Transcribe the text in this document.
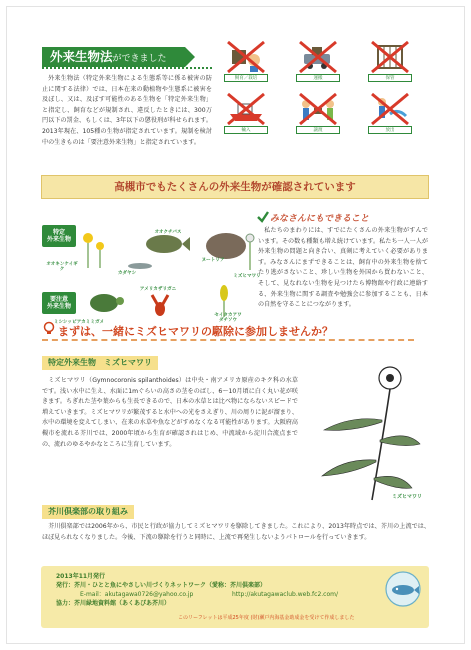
外来生物法ができました
外来生物法（特定外来生物による生態系等に係る被害の防止に関する法律）では、日本在来の動植物や生態系に被害を及ぼし、又は、及ぼす可能性のある生物を「特定外来生物」と指定し、飼育などが規制され、違反したときには、300万円以下の罰金、もしくは、3年以下の懲役刑が科せられます。2013年現在、105種の生物が指定されています。規制を検討中の生きものは「要注意外来生物」と指定されています。
飼育／栽培	運搬	保管
輸入	譲渡	放出
高槻市でもたくさんの外来生物が確認されています
特定
外来生物
オオキンケイギク
オオクチバス
カダヤシ
ヌートリア
ミズヒマワリ
要注意
外来生物
ミシシッピアカミミガメ
アメリカザリガニ
セイタカアワダチソウ
みなさんにもできること
私たちのまわりには、すでにたくさんの外来生物がすんでいます。その数も種類も増え続けています。私たち一人一人が外来生物の問題と向き合い、真剣に考えていく必要があります。みなさんにまずできることは、飼育中の外来生物を捨てたり逃がさないこと、珍しい生物を外国から買わないこと、そして、見なれない生物を見つけたら博物館や行政に連絡する、外来生物に関する調査や勉強会に参加することも、日本の自然を守ることにつながります。
まずは、一緒にミズヒマワリの駆除に参加しませんか？
特定外来生物　ミズヒマワリ
ミズヒマワリ（Gymnocoronis spilanthoides）は中央・南アメリカ原産のキク科の水草です。浅い水中に生え、水面に1mぐらいの高さの茎をのばし、6〜10月頃に白く丸い花が咲きます。ちぎれた茎や葉からも生長できるので、日本の水草とは比べ物にならないスピードで増えていきます。ミズヒマワリが繁茂すると水中への光をさえぎり、川の周りに泥が溜まり、水中の環境を変えてしまい、在来の水草や魚などがすめなくなる可能性があります。大阪府高槻市を流れる芥川では、2000年頃から生育が確認されはじめ、中流域から淀川合流点までの、流れのゆるやかなところに生育しています。
ミズヒマワリ
芥川倶楽部の取り組み
芥川倶楽部では2006年から、市民と行政が協力してミズヒマワリを駆除してきました。これにより、2013年時点では、芥川の上流では、ほぼ見られなくなりました。今後、下流の駆除を行うと同時に、上流で再発生しないようパトロールを行っていきます。
2013年11月発行
発行：芥川・ひとと魚にやさしい川づくりネットワーク（愛称：芥川倶楽部）
E-mail：akutagawa0726@yahoo.co.jp	http://akutagawaclub.web.fc2.com/
協力：芥川緑地資料館（あくあぴあ芥川）
このリーフレットは平成25年度 (財)瀬戸内海基金助成金を受けて作成しました
